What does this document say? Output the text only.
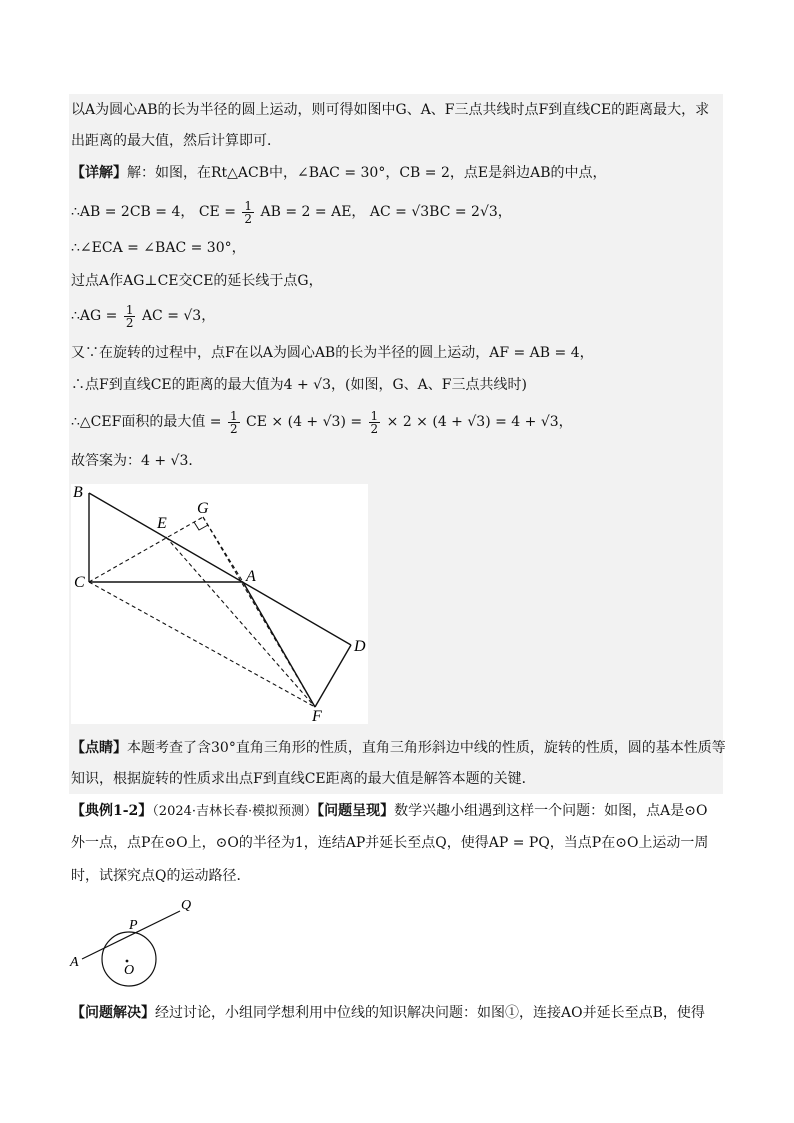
以A为圆心AB的长为半径的圆上运动，则可得如图中G、A、F三点共线时点F到直线CE的距离最大，求
出距离的最大值，然后计算即可．
【详解】解：如图，在Rt△ACB中，∠BAC = 30°，CB = 2，点E是斜边AB的中点，
∴AB = 2CB = 4， CE = $\frac{1}{2}$ AB = 2 = AE， AC = √3BC = 2√3，
∴∠ECA = ∠BAC = 30°，
过点A作AG⊥CE交CE的延长线于点G，
∴AG = $\frac{1}{2}$ AC = √3，
又∵在旋转的过程中，点F在以A为圆心AB的长为半径的圆上运动，AF = AB = 4，
∴点F到直线CE的距离的最大值为4 + √3，(如图，G、A、F三点共线时)
∴△CEF面积的最大值 = $\frac{1}{2}$ CE × $(4 + √3) = \frac{1}{2} \times 2 \times (4 + √3) = 4 + √3$，
故答案为：4 + √3．
B
E
G
C	A
D
F
【点睛】本题考查了含30°直角三角形的性质，直角三角形斜边中线的性质，旋转的性质，圆的基本性质等
知识，根据旋转的性质求出点F到直线CE距离的最大值是解答本题的关键．
【典例1-2】（2024·吉林长春·模拟预测）【问题呈现】数学兴趣小组遇到这样一个问题：如图，点A是⊙O
外一点，点P在⊙O上，⊙O的半径为1，连结AP并延长至点Q，使得AP = PQ，当点P在⊙O上运动一周
时，试探究点Q的运动路径．
Q
P
A
O
【问题解决】经过讨论，小组同学想利用中位线的知识解决问题：如图①，连接AO并延长至点B，使得
